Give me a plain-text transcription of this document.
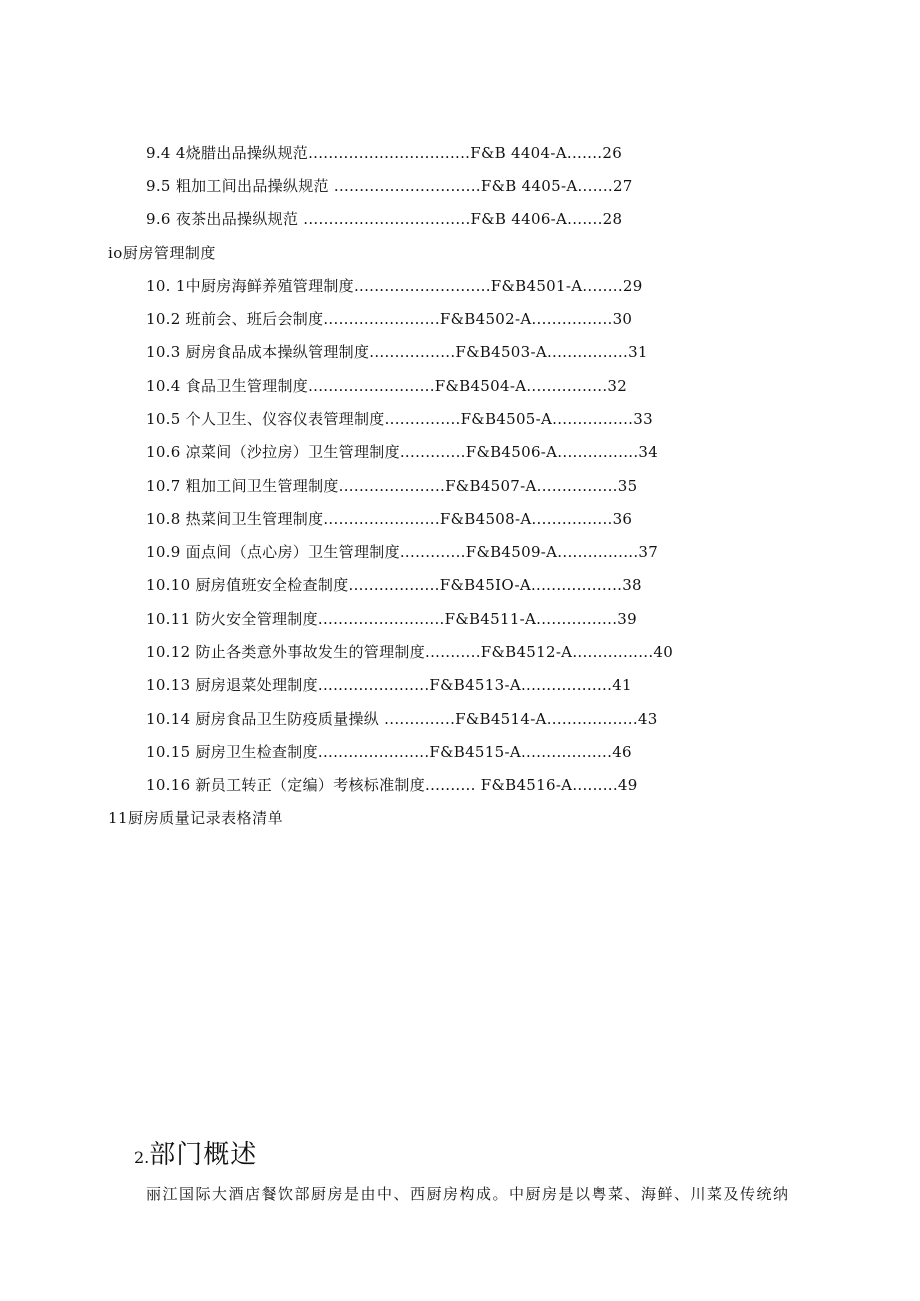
9.4 4烧腊出品操纵规范................................F&B 4404-A.......26
9.5 粗加工间出品操纵规范 .............................F&B 4405-A.......27
9.6 夜茶出品操纵规范 .................................F&B 4406-A.......28
io厨房管理制度
10. 1中厨房海鲜养殖管理制度...........................F&B4501-A........29
10.2 班前会、班后会制度.......................F&B4502-A................30
10.3 厨房食品成本操纵管理制度.................F&B4503-A................31
10.4 食品卫生管理制度.........................F&B4504-A................32
10.5 个人卫生、仪容仪表管理制度...............F&B4505-A................33
10.6 凉菜间（沙拉房）卫生管理制度.............F&B4506-A................34
10.7 粗加工间卫生管理制度.....................F&B4507-A................35
10.8 热菜间卫生管理制度.......................F&B4508-A................36
10.9 面点间（点心房）卫生管理制度.............F&B4509-A................37
10.10 厨房值班安全检查制度..................F&B45IO-A..................38
10.11 防火安全管理制度.........................F&B4511-A................39
10.12 防止各类意外事故发生的管理制度...........F&B4512-A................40
10.13 厨房退菜处理制度......................F&B4513-A..................41
10.14 厨房食品卫生防疫质量操纵 ..............F&B4514-A..................43
10.15 厨房卫生检查制度......................F&B4515-A..................46
10.16 新员工转正（定编）考核标准制度.......... F&B4516-A.........49
11厨房质量记录表格清单
2.部门概述
丽江国际大酒店餐饮部厨房是由中、西厨房构成。中厨房是以粤菜、海鲜、川菜及传统纳
